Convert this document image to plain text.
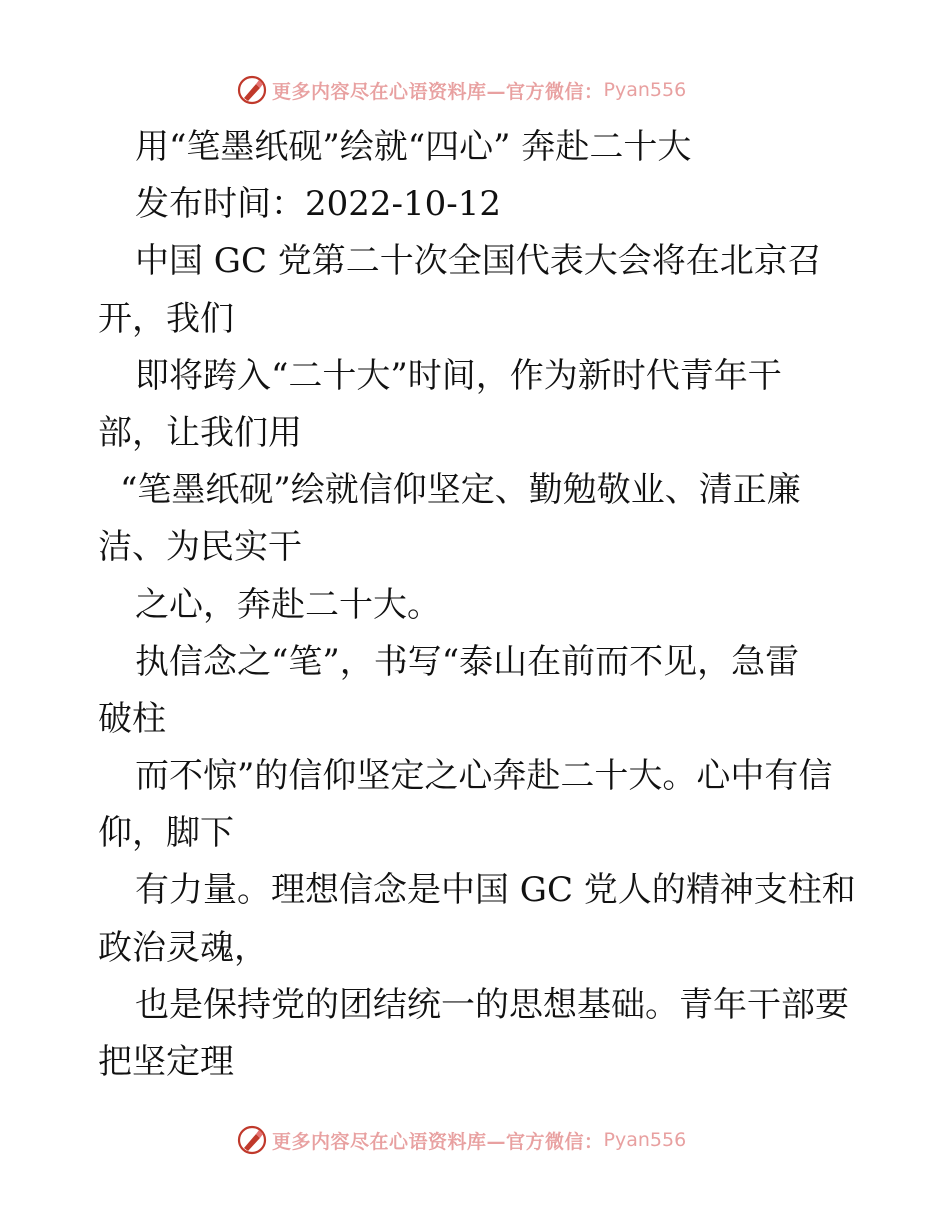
更多内容尽在心语资料库—官方微信： Pyan556
用“笔墨纸砚”绘就“四心” 奔赴二十大
发布时间：2022-10-12
中国 GC 党第二十次全国代表大会将在北京召
开，我们
即将跨入“二十大”时间，作为新时代青年干
部，让我们用
“笔墨纸砚”绘就信仰坚定、勤勉敬业、清正廉
洁、为民实干
之心，奔赴二十大。
执信念之“笔”，书写“泰山在前而不见，急雷
破柱
而不惊”的信仰坚定之心奔赴二十大。心中有信
仰，脚下
有力量。理想信念是中国 GC 党人的精神支柱和
政治灵魂，
也是保持党的团结统一的思想基础。青年干部要
把坚定理
更多内容尽在心语资料库—官方微信： Pyan556
